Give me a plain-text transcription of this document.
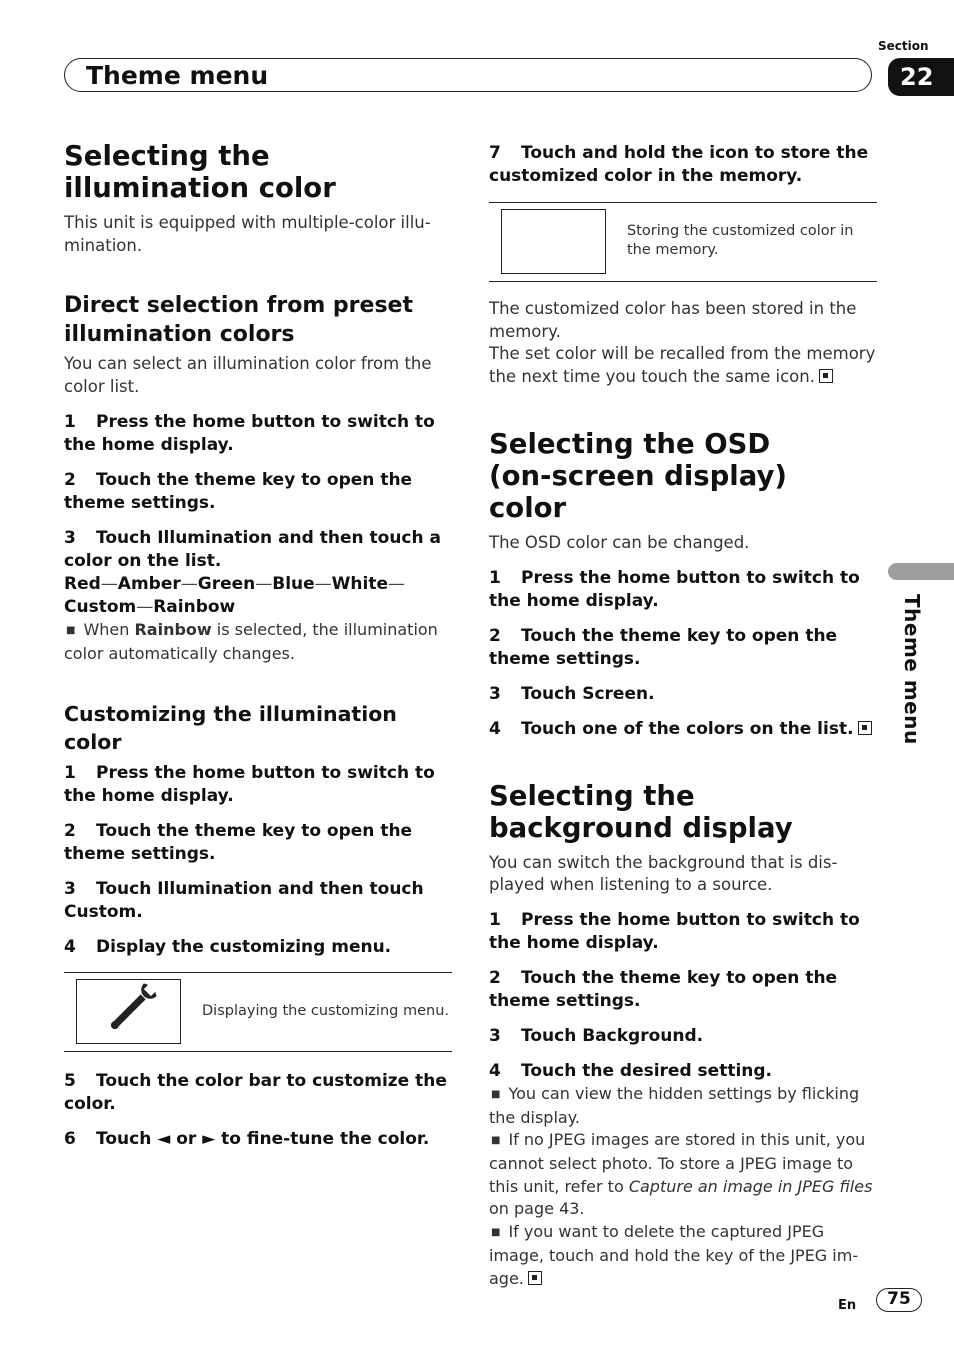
Section
Theme menu	22
Theme menu
Selecting the illumination color

This unit is equipped with multiple-color illu-mination.

Direct selection from preset illumination colors

You can select an illumination color from the color list.

1 Press the home button to switch to the home display.

2 Touch the theme key to open the theme settings.

3 Touch Illumination and then touch a color on the list.

Red—Amber—Green—Blue—White—Custom—Rainbow

■ When Rainbow is selected, the illumination color automatically changes.

Customizing the illumination color

1 Press the home button to switch to the home display.

2 Touch the theme key to open the theme settings.

3 Touch Illumination and then touch Custom.

4 Display the customizing menu.

Displaying the customizing menu.

5 Touch the color bar to customize the color.

6 Touch ◄ or ► to fine-tune the color.

7 Touch and hold the icon to store the customized color in the memory.

Storing the customized color in the memory.

The customized color has been stored in the memory.

The set color will be recalled from the memory the next time you touch the same icon.

Selecting the OSD (on-screen display) color

The OSD color can be changed.

1 Press the home button to switch to the home display.

2 Touch the theme key to open the theme settings.

3 Touch Screen.

4 Touch one of the colors on the list.

Selecting the background display

You can switch the background that is dis-played when listening to a source.

1 Press the home button to switch to the home display.

2 Touch the theme key to open the theme settings.

3 Touch Background.

4 Touch the desired setting.

■ You can view the hidden settings by flicking the display.

■ If no JPEG images are stored in this unit, you cannot select photo. To store a JPEG image to this unit, refer to Capture an image in JPEG files on page 43.

■ If you want to delete the captured JPEG image, touch and hold the key of the JPEG im-age.

En	75
